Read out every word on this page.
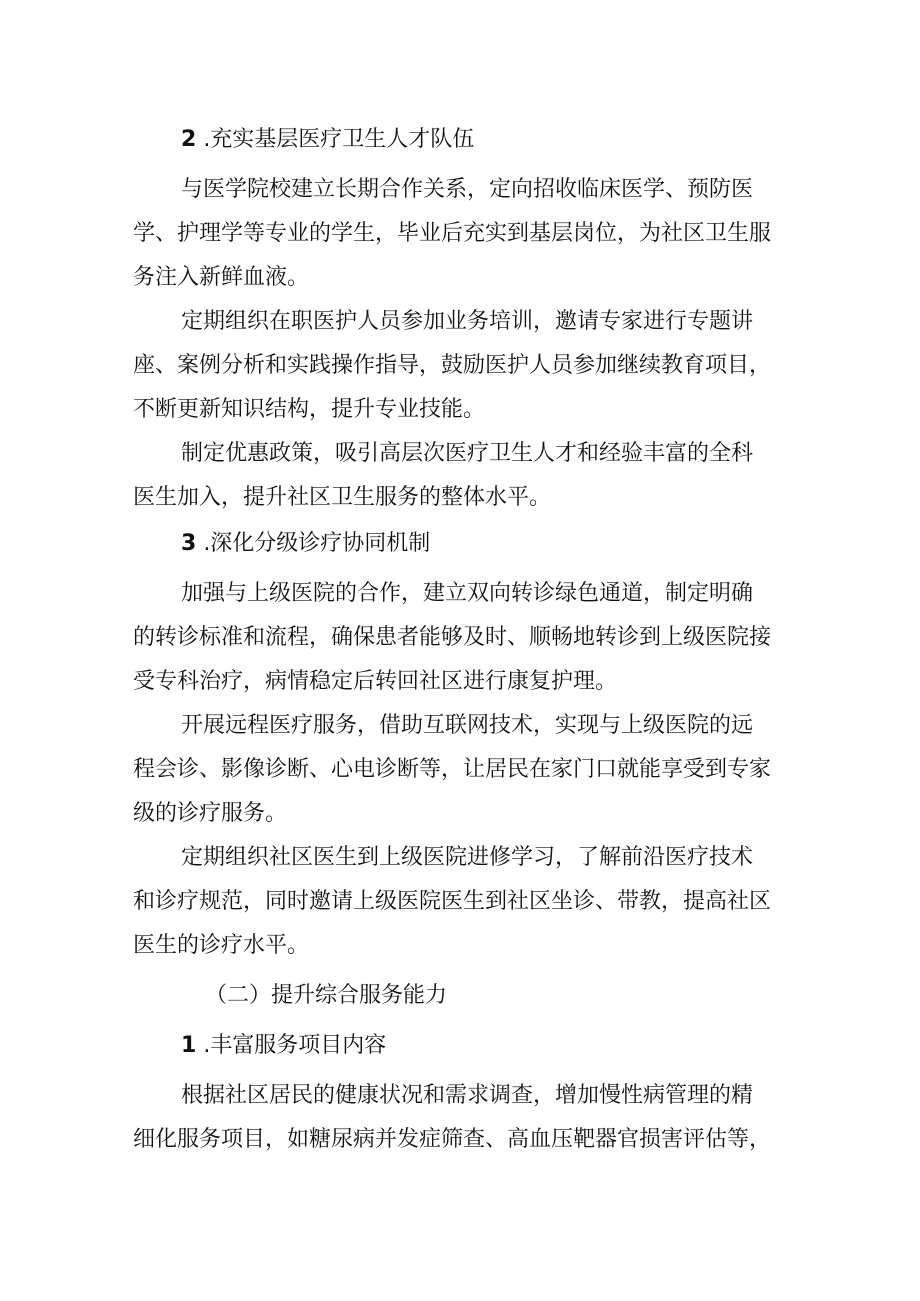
2 .充实基层医疗卫生人才队伍
与医学院校建立长期合作关系，定向招收临床医学、预防医
学、护理学等专业的学生，毕业后充实到基层岗位，为社区卫生服
务注入新鲜血液。
定期组织在职医护人员参加业务培训，邀请专家进行专题讲
座、案例分析和实践操作指导，鼓励医护人员参加继续教育项目，
不断更新知识结构，提升专业技能。
制定优惠政策，吸引高层次医疗卫生人才和经验丰富的全科
医生加入，提升社区卫生服务的整体水平。
3 .深化分级诊疗协同机制
加强与上级医院的合作，建立双向转诊绿色通道，制定明确
的转诊标准和流程，确保患者能够及时、顺畅地转诊到上级医院接
受专科治疗，病情稳定后转回社区进行康复护理。
开展远程医疗服务，借助互联网技术，实现与上级医院的远
程会诊、影像诊断、心电诊断等，让居民在家门口就能享受到专家
级的诊疗服务。
定期组织社区医生到上级医院进修学习，了解前沿医疗技术
和诊疗规范，同时邀请上级医院医生到社区坐诊、带教，提高社区
医生的诊疗水平。
（二）提升综合服务能力
1 .丰富服务项目内容
根据社区居民的健康状况和需求调查，增加慢性病管理的精
细化服务项目，如糖尿病并发症筛查、高血压靶器官损害评估等，
